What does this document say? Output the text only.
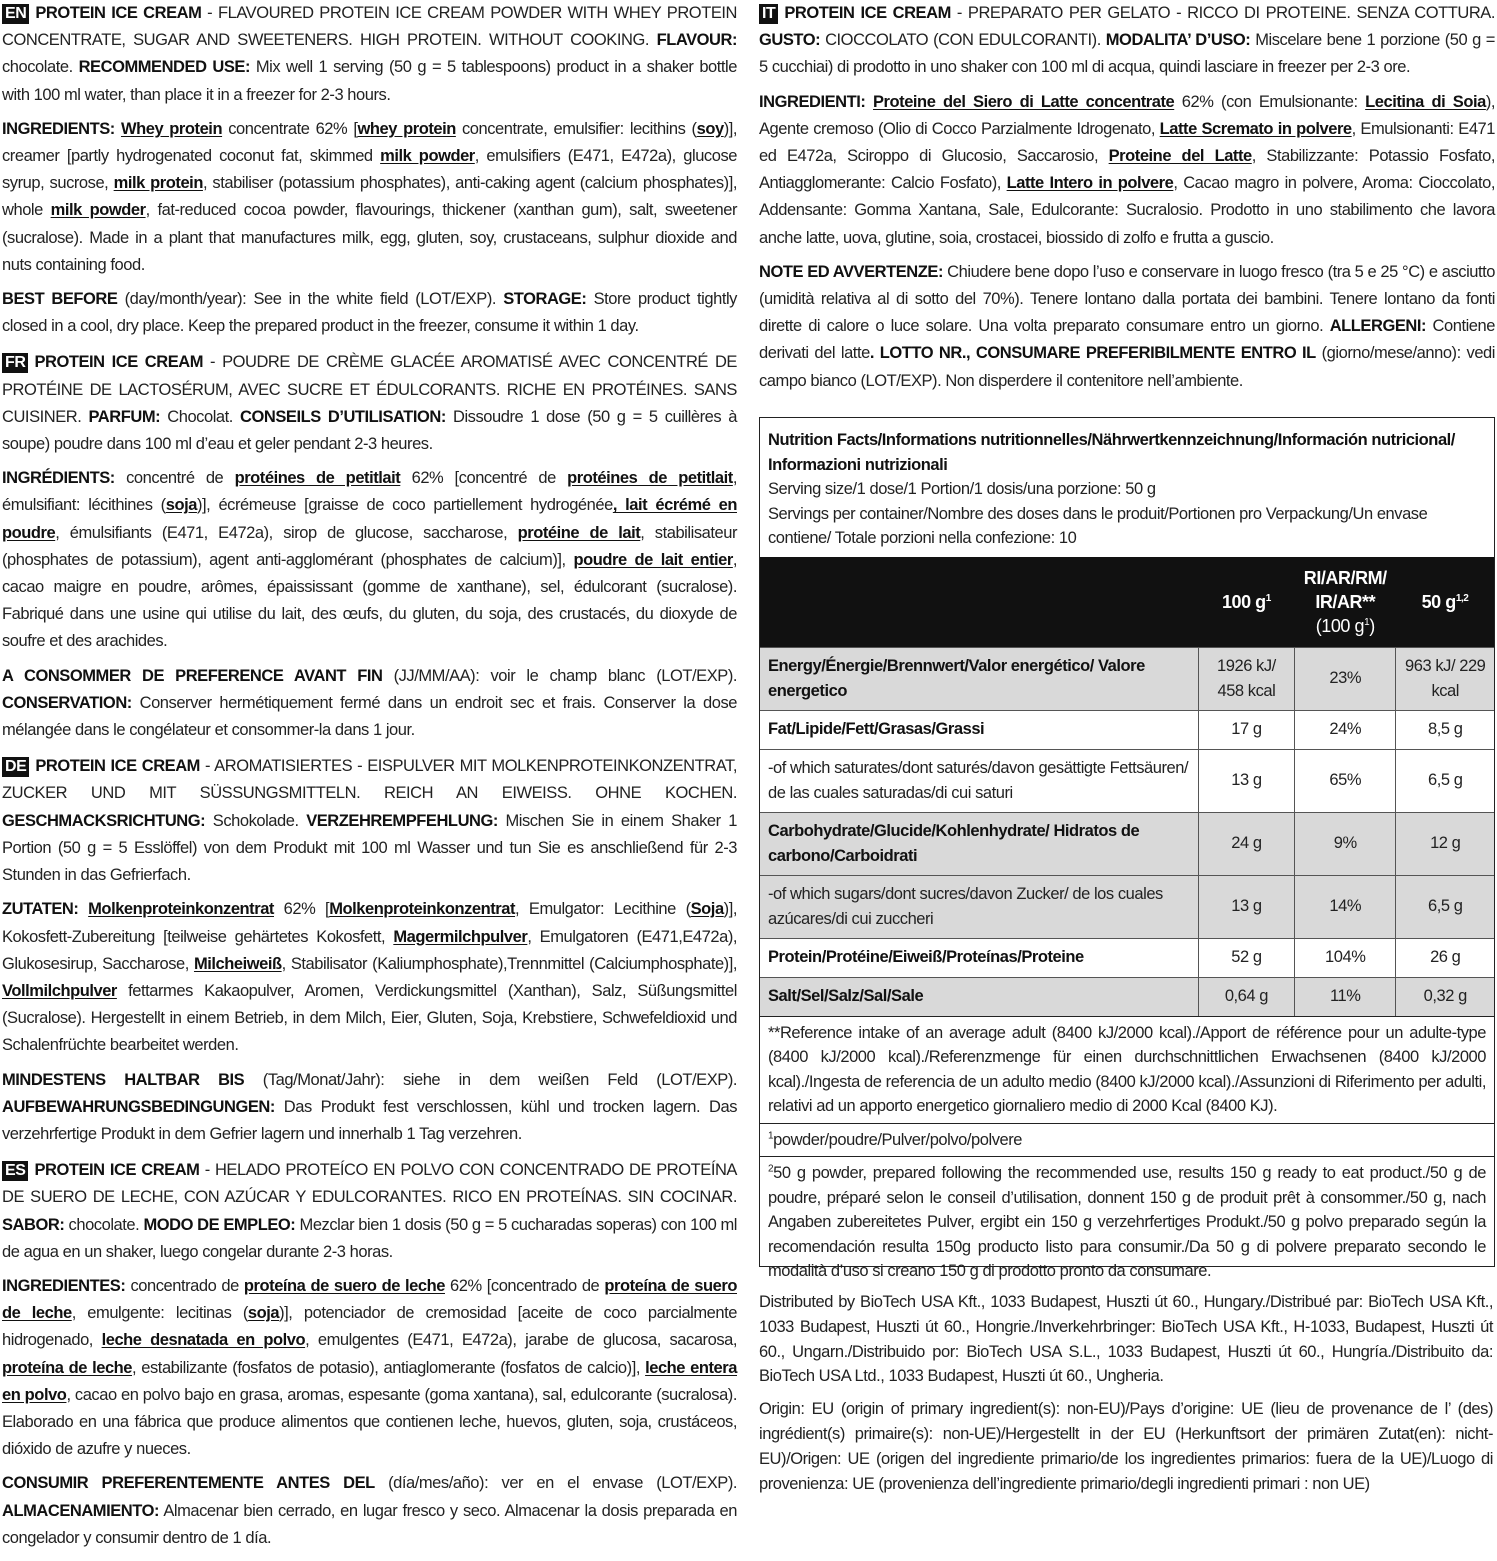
EN PROTEIN ICE CREAM - FLAVOURED PROTEIN ICE CREAM POWDER WITH WHEY PROTEIN CONCENTRATE, SUGAR AND SWEETENERS. HIGH PROTEIN. WITHOUT COOKING. FLAVOUR: chocolate. RECOMMENDED USE: Mix well 1 serving (50 g = 5 tablespoons) product in a shaker bottle with 100 ml water, than place it in a freezer for 2-3 hours.

INGREDIENTS: Whey protein concentrate 62% [whey protein concentrate, emulsifier: lecithins (soy)], creamer [partly hydrogenated coconut fat, skimmed milk powder, emulsifiers (E471, E472a), glucose syrup, sucrose, milk protein, stabiliser (potassium phosphates), anti-caking agent (calcium phosphates)], whole milk powder, fat-reduced cocoa powder, flavourings, thickener (xanthan gum), salt, sweetener (sucralose). Made in a plant that manufactures milk, egg, gluten, soy, crustaceans, sulphur dioxide and nuts containing food.

BEST BEFORE (day/month/year): See in the white field (LOT/EXP). STORAGE: Store product tightly closed in a cool, dry place. Keep the prepared product in the freezer, consume it within 1 day.

FR PROTEIN ICE CREAM - POUDRE DE CRÈME GLACÉE AROMATISÉ AVEC CONCENTRÉ DE PROTÉINE DE LACTOSÉRUM, AVEC SUCRE ET ÉDULCORANTS. RICHE EN PROTÉINES. SANS CUISINER. PARFUM: Chocolat. CONSEILS D’UTILISATION: Dissoudre 1 dose (50 g = 5 cuillères à soupe) poudre dans 100 ml d’eau et geler pendant 2-3 heures.

INGRÉDIENTS: concentré de protéines de petitlait 62% [concentré de protéines de petitlait, émulsifiant: lécithines (soja)], écrémeuse [graisse de coco partiellement hydrogénée, lait écrémé en poudre, émulsifiants (E471, E472a), sirop de glucose, saccharose, protéine de lait, stabilisateur (phosphates de potassium), agent anti-agglomérant (phosphates de calcium)], poudre de lait entier, cacao maigre en poudre, arômes, épaississant (gomme de xanthane), sel, édulcorant (sucralose). Fabriqué dans une usine qui utilise du lait, des œufs, du gluten, du soja, des crustacés, du dioxyde de soufre et des arachides.

A CONSOMMER DE PREFERENCE AVANT FIN (JJ/MM/AA): voir le champ blanc (LOT/EXP). CONSERVATION: Conserver hermétiquement fermé dans un endroit sec et frais. Conserver la dose mélangée dans le congélateur et consommer-la dans 1 jour.

DE PROTEIN ICE CREAM - AROMATISIERTES - EISPULVER MIT MOLKENPROTEINKONZENTRAT, ZUCKER UND MIT SÜSSUNGSMITTELN. REICH AN EIWEISS. OHNE KOCHEN. GESCHMACKSRICHTUNG: Schokolade. VERZEHREMPFEHLUNG: Mischen Sie in einem Shaker 1 Portion (50 g = 5 Esslöffel) von dem Produkt mit 100 ml Wasser und tun Sie es anschließend für 2-3 Stunden in das Gefrierfach.

ZUTATEN: Molkenproteinkonzentrat 62% [Molkenproteinkonzentrat, Emulgator: Lecithine (Soja)], Kokosfett-Zubereitung [teilweise gehärtetes Kokosfett, Magermilchpulver, Emulgatoren (E471,E472a), Glukosesirup, Saccharose, Milcheiweiß, Stabilisator (Kaliumphosphate),Trennmittel (Calciumphosphate)], Vollmilchpulver fettarmes Kakaopulver, Aromen, Verdickungsmittel (Xanthan), Salz, Süßungsmittel (Sucralose). Hergestellt in einem Betrieb, in dem Milch, Eier, Gluten, Soja, Krebstiere, Schwefeldioxid und Schalenfrüchte bearbeitet werden.

MINDESTENS HALTBAR BIS (Tag/Monat/Jahr): siehe in dem weißen Feld (LOT/EXP). AUFBEWAHRUNGSBEDINGUNGEN: Das Produkt fest verschlossen, kühl und trocken lagern. Das verzehrfertige Produkt in dem Gefrier lagern und innerhalb 1 Tag verzehren.

ES PROTEIN ICE CREAM - HELADO PROTEÍCO EN POLVO CON CONCENTRADO DE PROTEÍNA DE SUERO DE LECHE, CON AZÚCAR Y EDULCORANTES. RICO EN PROTEÍNAS. SIN COCINAR. SABOR: chocolate. MODO DE EMPLEO: Mezclar bien 1 dosis (50 g = 5 cucharadas soperas) con 100 ml de agua en un shaker, luego congelar durante 2-3 horas.

INGREDIENTES: concentrado de proteína de suero de leche 62% [concentrado de proteína de suero de leche, emulgente: lecitinas (soja)], potenciador de cremosidad [aceite de coco parcialmente hidrogenado, leche desnatada en polvo, emulgentes (E471, E472a), jarabe de glucosa, sacarosa, proteína de leche, estabilizante (fosfatos de potasio), antiaglomerante (fosfatos de calcio)], leche entera en polvo, cacao en polvo bajo en grasa, aromas, espesante (goma xantana), sal, edulcorante (sucralosa). Elaborado en una fábrica que produce alimentos que contienen leche, huevos, gluten, soja, crustáceos, dióxido de azufre y nueces.

CONSUMIR PREFERENTEMENTE ANTES DEL (día/mes/año): ver en el envase (LOT/EXP). ALMACENAMIENTO: Almacenar bien cerrado, en lugar fresco y seco. Almacenar la dosis preparada en congelador y consumir dentro de 1 día.

IT PROTEIN ICE CREAM - PREPARATO PER GELATO - RICCO DI PROTEINE. SENZA COTTURA. GUSTO: CIOCCOLATO (CON EDULCORANTI). MODALITA’ D’USO: Miscelare bene 1 porzione (50 g = 5 cucchiai) di prodotto in uno shaker con 100 ml di acqua, quindi lasciare in freezer per 2-3 ore.

INGREDIENTI: Proteine del Siero di Latte concentrate 62% (con Emulsionante: Lecitina di Soia), Agente cremoso (Olio di Cocco Parzialmente Idrogenato, Latte Scremato in polvere, Emulsionanti: E471 ed E472a, Sciroppo di Glucosio, Saccarosio, Proteine del Latte, Stabilizzante: Potassio Fosfato, Antiagglomerante: Calcio Fosfato), Latte Intero in polvere, Cacao magro in polvere, Aroma: Cioccolato, Addensante: Gomma Xantana, Sale, Edulcorante: Sucralosio. Prodotto in uno stabilimento che lavora anche latte, uova, glutine, soia, crostacei, biossido di zolfo e frutta a guscio.

NOTE ED AVVERTENZE: Chiudere bene dopo l’uso e conservare in luogo fresco (tra 5 e 25 °C) e asciutto (umidità relativa al di sotto del 70%). Tenere lontano dalla portata dei bambini. Tenere lontano da fonti dirette di calore o luce solare. Una volta preparato consumare entro un giorno. ALLERGENI: Contiene derivati del latte. LOTTO NR., CONSUMARE PREFERIBILMENTE ENTRO IL (giorno/mese/anno): vedi campo bianco (LOT/EXP). Non disperdere il contenitore nell’ambiente.

Nutrition Facts/Informations nutritionnelles/Nährwertkennzeichnung/Información nutricional/ Informazioni nutrizionali
Serving size/1 dose/1 Portion/1 dosis/una porzione: 50 g
Servings per container/Nombre des doses dans le produit/Portionen pro Verpackung/Un envase contiene/ Totale porzioni nella confezione: 10
	100 $g^1$	RI/AR/RM/
IR/AR**
(100 $g^1$)	50 $g^{1,2}$
Energy/Énergie/Brennwert/Valor energético/ Valore energetico	1926 kJ/ 458 kcal	23%	963 kJ/ 229 kcal
Fat/Lipide/Fett/Grasas/Grassi	17 g	24%	8,5 g
-of which saturates/dont saturés/davon gesättigte Fettsäuren/ de las cuales saturadas/di cui saturi	13 g	65%	6,5 g
Carbohydrate/Glucide/Kohlenhydrate/ Hidratos de carbono/Carboidrati	24 g	9%	12 g
-of which sugars/dont sucres/davon Zucker/ de los cuales azúcares/di cui zuccheri	13 g	14%	6,5 g
Protein/Protéine/Eiweiß/Proteínas/Proteine	52 g	104%	26 g
Salt/Sel/Salz/Sal/Sale	0,64 g	11%	0,32 g
**Reference intake of an average adult (8400 kJ/2000 kcal)./Apport de référence pour un adulte-type (8400 kJ/2000 kcal)./Referenzmenge für einen durchschnittlichen Erwachsenen (8400 kJ/2000 kcal)./Ingesta de referencia de un adulto medio (8400 kJ/2000 kcal)./Assunzioni di Riferimento per adulti, relativi ad un apporto energetico giornaliero medio di 2000 Kcal (8400 KJ).
$^1$powder/poudre/Pulver/polvo/polvere
$^2$50 g powder, prepared following the recommended use, results 150 g ready to eat product./50 g de poudre, préparé selon le conseil d’utilisation, donnent 150 g de produit prêt à consommer./50 g, nach Angaben zubereitetes Pulver, ergibt ein 150 g verzehrfertiges Produkt./50 g polvo preparado según la recomendación resulta 150g producto listo para consumir./Da 50 g di polvere preparato secondo le modalità d’uso si creano 150 g di prodotto pronto da consumare.

Distributed by BioTech USA Kft., 1033 Budapest, Huszti út 60., Hungary./Distribué par: BioTech USA Kft., 1033 Budapest, Huszti út 60., Hongrie./Inverkehrbringer: BioTech USA Kft., H-1033, Budapest, Huszti út 60., Ungarn./Distribuido por: BioTech USA S.L., 1033 Budapest, Huszti út 60., Hungría./Distribuito da: BioTech USA Ltd., 1033 Budapest, Huszti út 60., Ungheria.

Origin: EU (origin of primary ingredient(s): non-EU)/Pays d’origine: UE (lieu de provenance de l’ (des) ingrédient(s) primaire(s): non-UE)/Hergestellt in der EU (Herkunftsort der primären Zutat(en): nicht-EU)/Origen: UE (origen del ingrediente primario/de los ingredientes primarios: fuera de la UE)/Luogo di provenienza: UE (provenienza dell’ingrediente primario/degli ingredienti primari : non UE)
